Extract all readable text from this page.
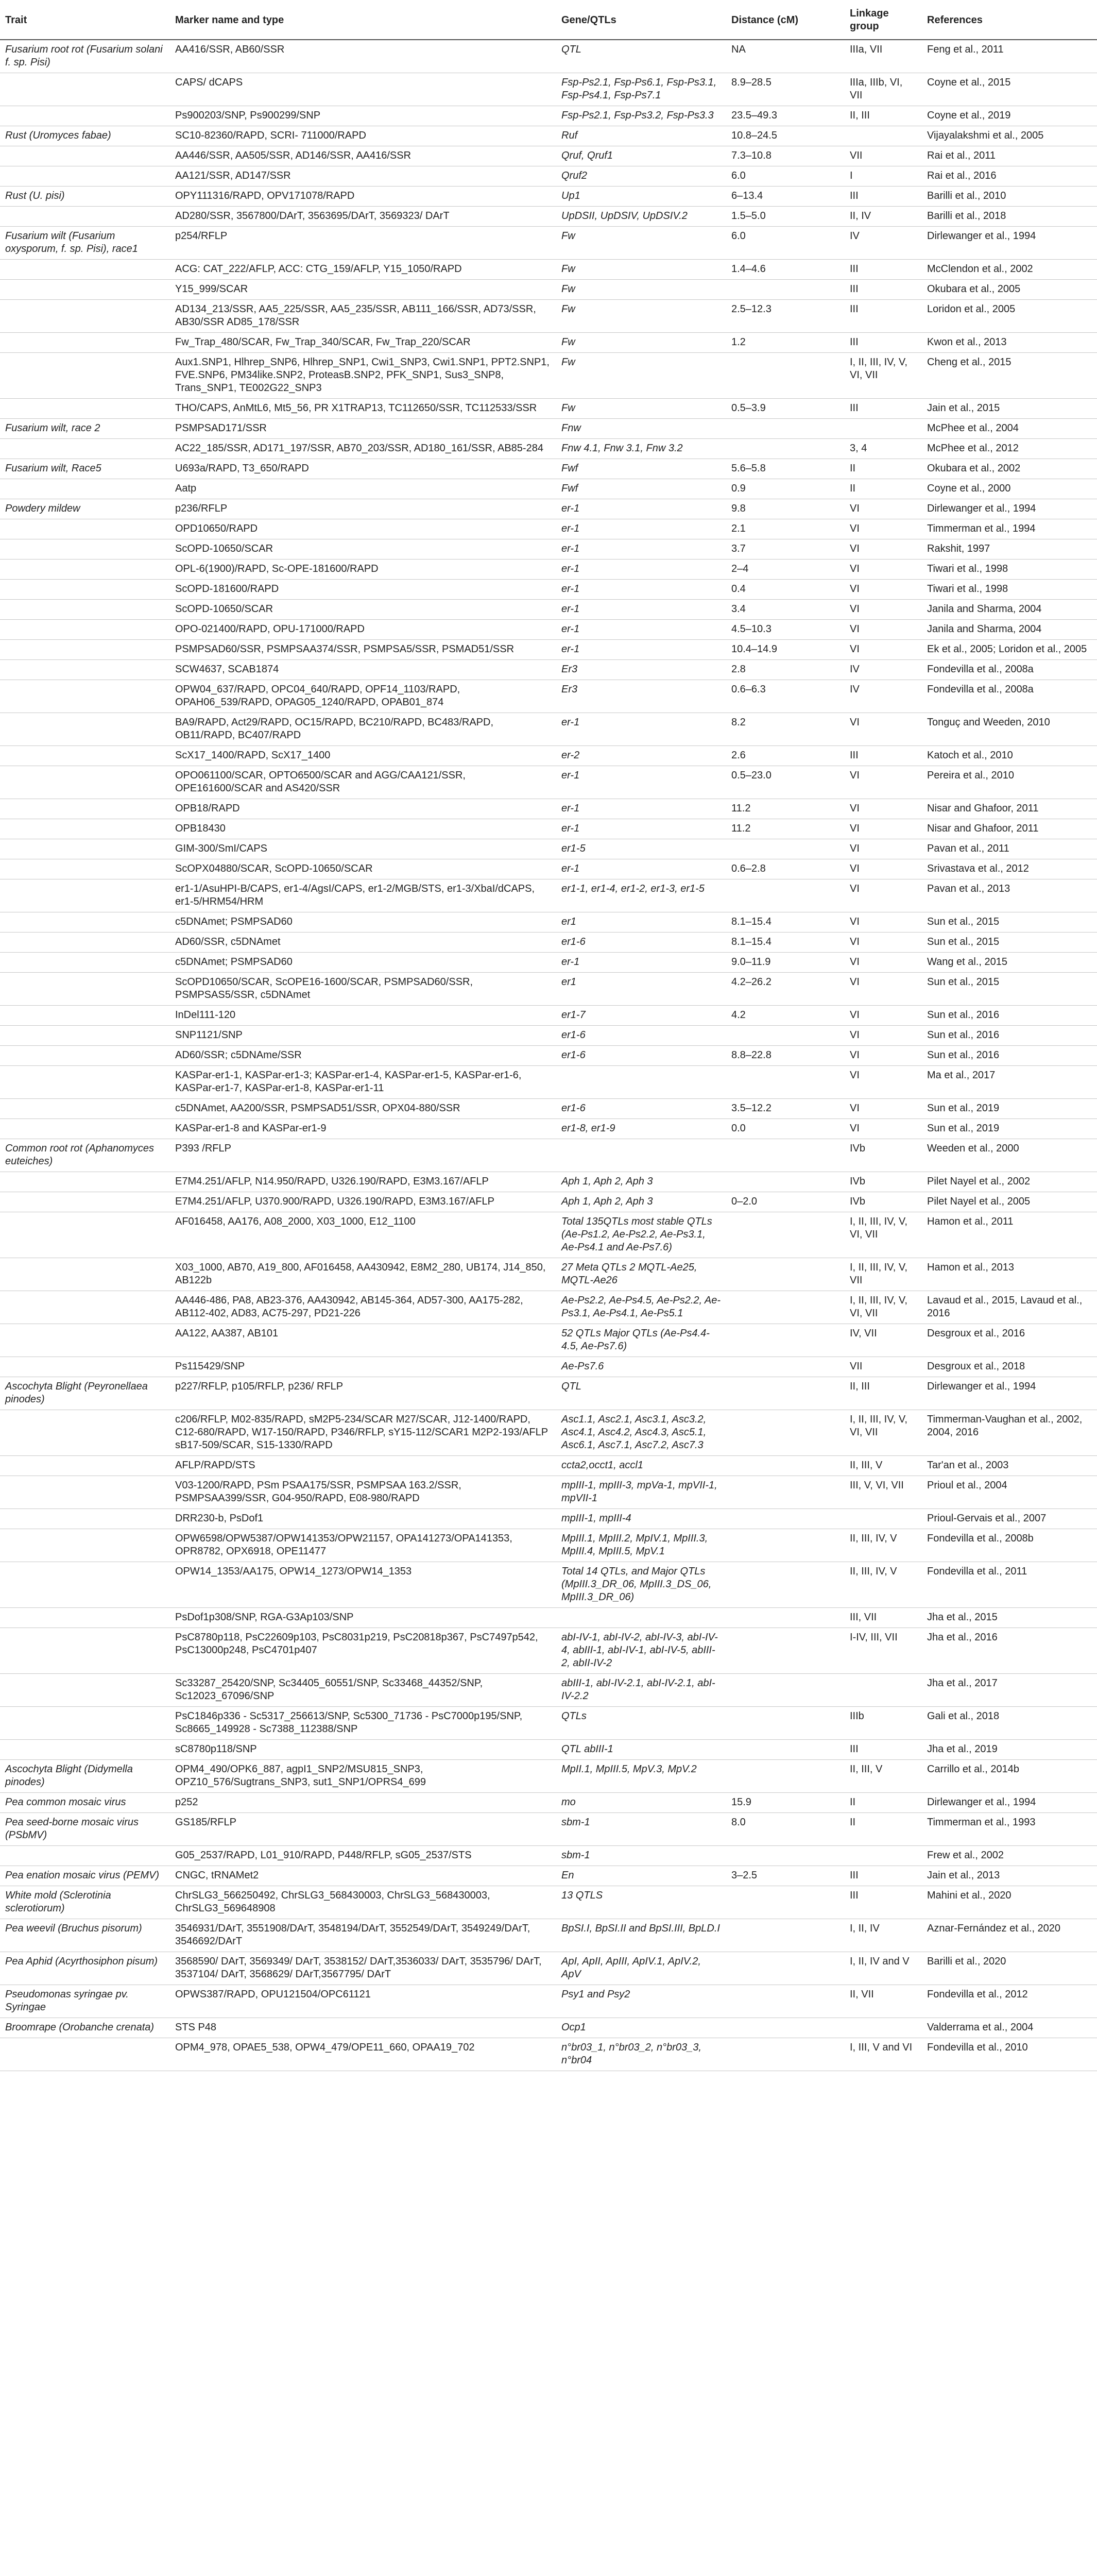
Trait	Marker name and type	Gene/QTLs	Distance (cM)	Linkage group	References
Fusarium root rot (Fusarium solani f. sp. Pisi)	AA416/SSR, AB60/SSR	QTL	NA	IIIa, VII	Feng et al., 2011
	CAPS/ dCAPS	Fsp-Ps2.1, Fsp-Ps6.1, Fsp-Ps3.1, Fsp-Ps4.1, Fsp-Ps7.1	8.9–28.5	IIIa, IIIb, VI, VII	Coyne et al., 2015
	Ps900203/SNP, Ps900299/SNP	Fsp-Ps2.1, Fsp-Ps3.2, Fsp-Ps3.3	23.5–49.3	II, III	Coyne et al., 2019
Rust (Uromyces fabae)	SC10-82360/RAPD, SCRI- 711000/RAPD	Ruf	10.8–24.5		Vijayalakshmi et al., 2005
	AA446/SSR, AA505/SSR, AD146/SSR, AA416/SSR	Qruf, Qruf1	7.3–10.8	VII	Rai et al., 2011
	AA121/SSR, AD147/SSR	Qruf2	6.0	I	Rai et al., 2016
Rust (U. pisi)	OPY111316/RAPD, OPV171078/RAPD	Up1	6–13.4	III	Barilli et al., 2010
	AD280/SSR, 3567800/DArT, 3563695/DArT, 3569323/ DArT	UpDSII, UpDSIV, UpDSIV.2	1.5–5.0	II, IV	Barilli et al., 2018
Fusarium wilt (Fusarium oxysporum, f. sp. Pisi), race1	p254/RFLP	Fw	6.0	IV	Dirlewanger et al., 1994
	ACG: CAT_222/AFLP, ACC: CTG_159/AFLP, Y15_1050/RAPD	Fw	1.4–4.6	III	McClendon et al., 2002
	Y15_999/SCAR	Fw		III	Okubara et al., 2005
	AD134_213/SSR, AA5_225/SSR, AA5_235/SSR, AB111_166/SSR, AD73/SSR, AB30/SSR AD85_178/SSR	Fw	2.5–12.3	III	Loridon et al., 2005
	Fw_Trap_480/SCAR, Fw_Trap_340/SCAR, Fw_Trap_220/SCAR	Fw	1.2	III	Kwon et al., 2013
	Aux1.SNP1, Hlhrep_SNP6, Hlhrep_SNP1, Cwi1_SNP3, Cwi1.SNP1, PPT2.SNP1, FVE.SNP6, PM34like.SNP2, ProteasB.SNP2, PFK_SNP1, Sus3_SNP8, Trans_SNP1, TE002G22_SNP3	Fw		I, II, III, IV, V, VI, VII	Cheng et al., 2015
	THO/CAPS, AnMtL6, Mt5_56, PR X1TRAP13, TC112650/SSR, TC112533/SSR	Fw	0.5–3.9	III	Jain et al., 2015
Fusarium wilt, race 2	PSMPSAD171/SSR	Fnw			McPhee et al., 2004
	AC22_185/SSR, AD171_197/SSR, AB70_203/SSR, AD180_161/SSR, AB85-284	Fnw 4.1, Fnw 3.1, Fnw 3.2		3, 4	McPhee et al., 2012
Fusarium wilt, Race5	U693a/RAPD, T3_650/RAPD	Fwf	5.6–5.8	II	Okubara et al., 2002
	Aatp	Fwf	0.9	II	Coyne et al., 2000
Powdery mildew	p236/RFLP	er-1	9.8	VI	Dirlewanger et al., 1994
	OPD10650/RAPD	er-1	2.1	VI	Timmerman et al., 1994
	ScOPD-10650/SCAR	er-1	3.7	VI	Rakshit, 1997
	OPL-6(1900)/RAPD, Sc-OPE-181600/RAPD	er-1	2–4	VI	Tiwari et al., 1998
	ScOPD-181600/RAPD	er-1	0.4	VI	Tiwari et al., 1998
	ScOPD-10650/SCAR	er-1	3.4	VI	Janila and Sharma, 2004
	OPO-021400/RAPD, OPU-171000/RAPD	er-1	4.5–10.3	VI	Janila and Sharma, 2004
	PSMPSAD60/SSR, PSMPSAA374/SSR, PSMPSA5/SSR, PSMAD51/SSR	er-1	10.4–14.9	VI	Ek et al., 2005; Loridon et al., 2005
	SCW4637, SCAB1874	Er3	2.8	IV	Fondevilla et al., 2008a
	OPW04_637/RAPD, OPC04_640/RAPD, OPF14_1103/RAPD, OPAH06_539/RAPD, OPAG05_1240/RAPD, OPAB01_874	Er3	0.6–6.3	IV	Fondevilla et al., 2008a
	BA9/RAPD, Act29/RAPD, OC15/RAPD, BC210/RAPD, BC483/RAPD, OB11/RAPD, BC407/RAPD	er-1	8.2	VI	Tonguç and Weeden, 2010
	ScX17_1400/RAPD, ScX17_1400	er-2	2.6	III	Katoch et al., 2010
	OPO061100/SCAR, OPTO6500/SCAR and AGG/CAA121/SSR, OPE161600/SCAR and AS420/SSR	er-1	0.5–23.0	VI	Pereira et al., 2010
	OPB18/RAPD	er-1	11.2	VI	Nisar and Ghafoor, 2011
	OPB18430	er-1	11.2	VI	Nisar and Ghafoor, 2011
	GIM-300/SmI/CAPS	er1-5		VI	Pavan et al., 2011
	ScOPX04880/SCAR, ScOPD-10650/SCAR	er-1	0.6–2.8	VI	Srivastava et al., 2012
	er1-1/AsuHPI-B/CAPS, er1-4/AgsI/CAPS, er1-2/MGB/STS, er1-3/XbaI/dCAPS, er1-5/HRM54/HRM	er1-1, er1-4, er1-2, er1-3, er1-5		VI	Pavan et al., 2013
	c5DNAmet; PSMPSAD60	er1	8.1–15.4	VI	Sun et al., 2015
	AD60/SSR, c5DNAmet	er1-6	8.1–15.4	VI	Sun et al., 2015
	c5DNAmet; PSMPSAD60	er-1	9.0–11.9	VI	Wang et al., 2015
	ScOPD10650/SCAR, ScOPE16-1600/SCAR, PSMPSAD60/SSR, PSMPSAS5/SSR, c5DNAmet	er1	4.2–26.2	VI	Sun et al., 2015
	InDel111-120	er1-7	4.2	VI	Sun et al., 2016
	SNP1121/SNP	er1-6		VI	Sun et al., 2016
	AD60/SSR; c5DNAme/SSR	er1-6	8.8–22.8	VI	Sun et al., 2016
	KASPar-er1-1, KASPar-er1-3; KASPar-er1-4, KASPar-er1-5, KASPar-er1-6, KASPar-er1-7, KASPar-er1-8, KASPar-er1-11			VI	Ma et al., 2017
	c5DNAmet, AA200/SSR, PSMPSAD51/SSR, OPX04-880/SSR	er1-6	3.5–12.2	VI	Sun et al., 2019
	KASPar-er1-8 and KASPar-er1-9	er1-8, er1-9	0.0	VI	Sun et al., 2019
Common root rot (Aphanomyces euteiches)	P393 /RFLP			IVb	Weeden et al., 2000
	E7M4.251/AFLP, N14.950/RAPD, U326.190/RAPD, E3M3.167/AFLP	Aph 1, Aph 2, Aph 3		IVb	Pilet Nayel et al., 2002
	E7M4.251/AFLP, U370.900/RAPD, U326.190/RAPD, E3M3.167/AFLP	Aph 1, Aph 2, Aph 3	0–2.0	IVb	Pilet Nayel et al., 2005
	AF016458, AA176, A08_2000, X03_1000, E12_1100	Total 135QTLs most stable QTLs (Ae-Ps1.2, Ae-Ps2.2, Ae-Ps3.1, Ae-Ps4.1 and Ae-Ps7.6)		I, II, III, IV, V, VI, VII	Hamon et al., 2011
	X03_1000, AB70, A19_800, AF016458, AA430942, E8M2_280, UB174, J14_850, AB122b	27 Meta QTLs 2 MQTL-Ae25, MQTL-Ae26		I, II, III, IV, V, VII	Hamon et al., 2013
	AA446-486, PA8, AB23-376, AA430942, AB145-364, AD57-300, AA175-282, AB112-402, AD83, AC75-297, PD21-226	Ae-Ps2.2, Ae-Ps4.5, Ae-Ps2.2, Ae-Ps3.1, Ae-Ps4.1, Ae-Ps5.1		I, II, III, IV, V, VI, VII	Lavaud et al., 2015, Lavaud et al., 2016
	AA122, AA387, AB101	52 QTLs Major QTLs (Ae-Ps4.4-4.5, Ae-Ps7.6)		IV, VII	Desgroux et al., 2016
	Ps115429/SNP	Ae-Ps7.6		VII	Desgroux et al., 2018
Ascochyta Blight (Peyronellaea pinodes)	p227/RFLP, p105/RFLP, p236/ RFLP	QTL		II, III	Dirlewanger et al., 1994
	c206/RFLP, M02-835/RAPD, sM2P5-234/SCAR M27/SCAR, J12-1400/RAPD, C12-680/RAPD, W17-150/RAPD, P346/RFLP, sY15-112/SCAR1 M2P2-193/AFLP sB17-509/SCAR, S15-1330/RAPD	Asc1.1, Asc2.1, Asc3.1, Asc3.2, Asc4.1, Asc4.2, Asc4.3, Asc5.1, Asc6.1, Asc7.1, Asc7.2, Asc7.3		I, II, III, IV, V, VI, VII	Timmerman-Vaughan et al., 2002, 2004, 2016
	AFLP/RAPD/STS	ccta2,occt1, accl1		II, III, V	Tar'an et al., 2003
	V03-1200/RAPD, PSm PSAA175/SSR, PSMPSAA 163.2/SSR, PSMPSAA399/SSR, G04-950/RAPD, E08-980/RAPD	mpIII-1, mpIII-3, mpVa-1, mpVII-1, mpVII-1		III, V, VI, VII	Prioul et al., 2004
	DRR230-b, PsDof1	mpIII-1, mpIII-4			Prioul-Gervais et al., 2007
	OPW6598/OPW5387/OPW141353/OPW21157, OPA141273/OPA141353, OPR8782, OPX6918, OPE11477	MpIII.1, MpIII.2, MpIV.1, MpIII.3, MpIII.4, MpIII.5, MpV.1		II, III, IV, V	Fondevilla et al., 2008b
	OPW14_1353/AA175, OPW14_1273/OPW14_1353	Total 14 QTLs, and Major QTLs (MpIII.3_DR_06, MpIII.3_DS_06, MpIII.3_DR_06)		II, III, IV, V	Fondevilla et al., 2011
	PsDof1p308/SNP, RGA-G3Ap103/SNP			III, VII	Jha et al., 2015
	PsC8780p118, PsC22609p103, PsC8031p219, PsC20818p367, PsC7497p542, PsC13000p248, PsC4701p407	abI-IV-1, abI-IV-2, abI-IV-3, abI-IV-4, abIII-1, abI-IV-1, abI-IV-5, abIII-2, abII-IV-2		I-IV, III, VII	Jha et al., 2016
	Sc33287_25420/SNP, Sc34405_60551/SNP, Sc33468_44352/SNP, Sc12023_67096/SNP	abIII-1, abI-IV-2.1, abI-IV-2.1, abI-IV-2.2			Jha et al., 2017
	PsC1846p336 - Sc5317_256613/SNP, Sc5300_71736 - PsC7000p195/SNP, Sc8665_149928 - Sc7388_112388/SNP	QTLs		IIIb	Gali et al., 2018
	sC8780p118/SNP	QTL abIII-1		III	Jha et al., 2019
Ascochyta Blight (Didymella pinodes)	OPM4_490/OPK6_887, agpI1_SNP2/MSU815_SNP3, OPZ10_576/Sugtrans_SNP3, sut1_SNP1/OPRS4_699	MpII.1, MpIII.5, MpV.3, MpV.2		II, III, V	Carrillo et al., 2014b
Pea common mosaic virus	p252	mo	15.9	II	Dirlewanger et al., 1994
Pea seed-borne mosaic virus (PSbMV)	GS185/RFLP	sbm-1	8.0	II	Timmerman et al., 1993
	G05_2537/RAPD, L01_910/RAPD, P448/RFLP, sG05_2537/STS	sbm-1			Frew et al., 2002
Pea enation mosaic virus (PEMV)	CNGC, tRNAMet2	En	3–2.5	III	Jain et al., 2013
White mold (Sclerotinia sclerotiorum)	ChrSLG3_566250492, ChrSLG3_568430003, ChrSLG3_568430003, ChrSLG3_569648908	13 QTLS		III	Mahini et al., 2020
Pea weevil (Bruchus pisorum)	3546931/DArT, 3551908/DArT, 3548194/DArT, 3552549/DArT, 3549249/DArT, 3546692/DArT	BpSI.I, BpSI.II and BpSI.III, BpLD.I		I, II, IV	Aznar-Fernández et al., 2020
Pea Aphid (Acyrthosiphon pisum)	3568590/ DArT, 3569349/ DArT, 3538152/ DArT,3536033/ DArT, 3535796/ DArT, 3537104/ DArT, 3568629/ DArT,3567795/ DArT	ApI, ApII, ApIII, ApIV.1, ApIV.2, ApV		I, II, IV and V	Barilli et al., 2020
Pseudomonas syringae pv. Syringae	OPWS387/RAPD, OPU121504/OPC61121	Psy1 and Psy2		II, VII	Fondevilla et al., 2012
Broomrape (Orobanche crenata)	STS P48	Ocp1			Valderrama et al., 2004
	OPM4_978, OPAE5_538, OPW4_479/OPE11_660, OPAA19_702	n°br03_1, n°br03_2, n°br03_3, n°br04		I, III, V and VI	Fondevilla et al., 2010
